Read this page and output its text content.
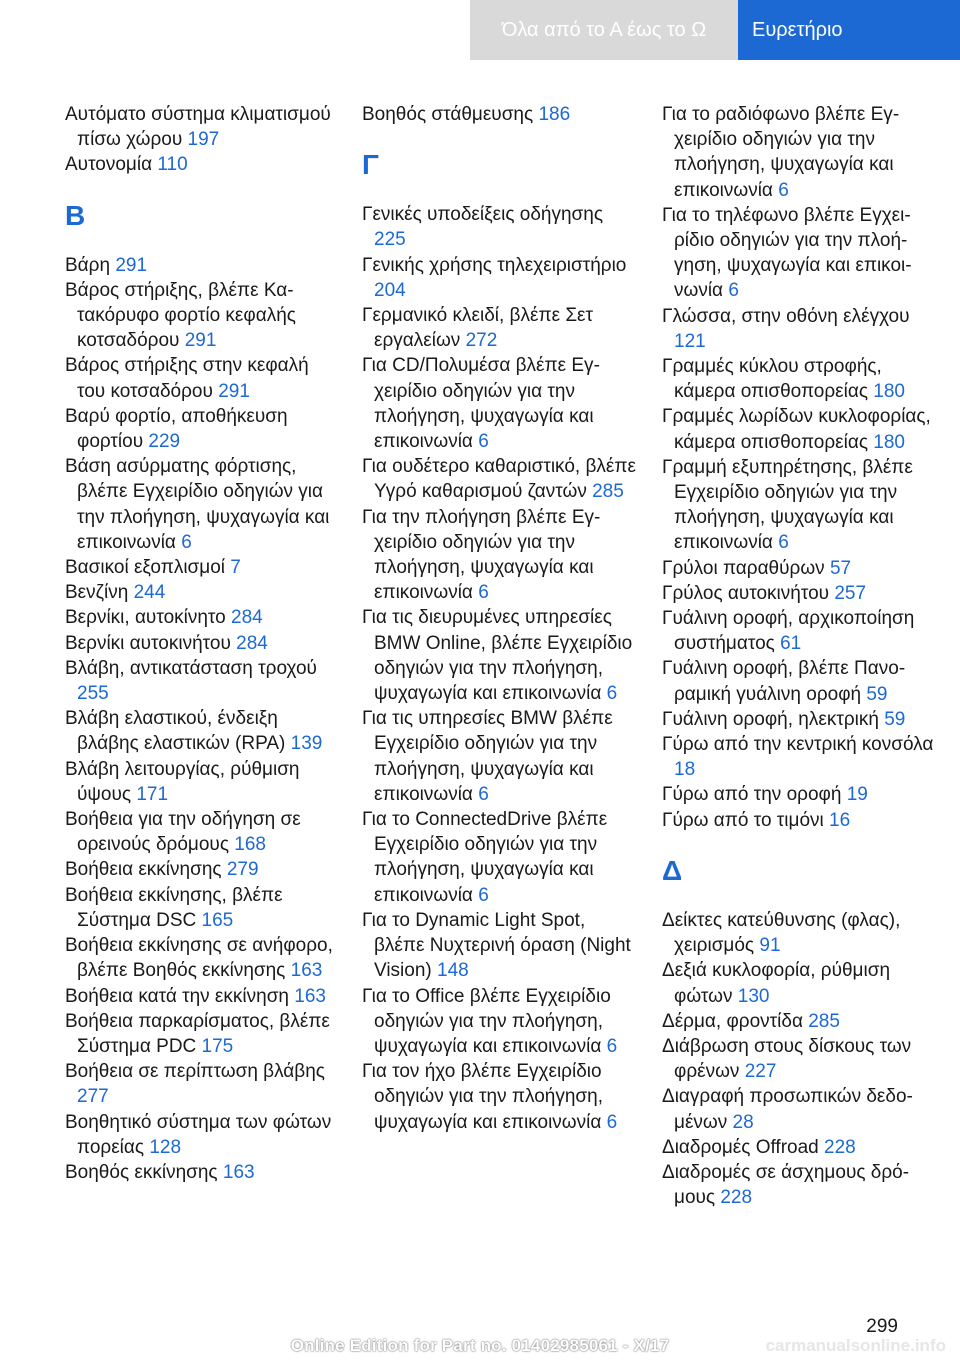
Όλα από το Α έως το Ω	Ευρετήριο

Αυτόματο σύστημα κλιματισμού πίσω χώρου 197

Αυτονομία 110

Β

Βάρη 291

Βάρος στήριξης, βλέπε Κατακόρυφο φορτίο κεφαλής κοτσαδόρου 291

Βάρος στήριξης στην κεφαλή του κοτσαδόρου 291

Βαρύ φορτίο, αποθήκευση φορτίου 229

Βάση ασύρματης φόρτισης, βλέπε Εγχειρίδιο οδηγιών για την πλοήγηση, ψυχαγωγία και επικοινωνία 6

Βασικοί εξοπλισμοί 7

Βενζίνη 244

Βερνίκι, αυτοκίνητο 284

Βερνίκι αυτοκινήτου 284

Βλάβη, αντικατάσταση τροχού 255

Βλάβη ελαστικού, ένδειξη βλάβης ελαστικών (RPA) 139

Βλάβη λειτουργίας, ρύθμιση ύψους 171

Βοήθεια για την οδήγηση σε ορεινούς δρόμους 168

Βοήθεια εκκίνησης 279

Βοήθεια εκκίνησης, βλέπε Σύστημα DSC 165

Βοήθεια εκκίνησης σε ανήφορο, βλέπε Βοηθός εκκίνησης 163

Βοήθεια κατά την εκκίνηση 163

Βοήθεια παρκαρίσματος, βλέπε Σύστημα PDC 175

Βοήθεια σε περίπτωση βλάβης 277

Βοηθητικό σύστημα των φώτων πορείας 128

Βοηθός εκκίνησης 163

Βοηθός στάθμευσης 186

Γ

Γενικές υποδείξεις οδήγησης 225

Γενικής χρήσης τηλεχειριστήριο 204

Γερμανικό κλειδί, βλέπε Σετ εργαλείων 272

Για CD/Πολυμέσα βλέπε Εγχειρίδιο οδηγιών για την πλοήγηση, ψυχαγωγία και επικοινωνία 6

Για ουδέτερο καθαριστικό, βλέπε Υγρό καθαρισμού ζαντών 285

Για την πλοήγηση βλέπε Εγχειρίδιο οδηγιών για την πλοήγηση, ψυχαγωγία και επικοινωνία 6

Για τις διευρυμένες υπηρεσίες BMW Online, βλέπε Εγχειρίδιο οδηγιών για την πλοήγηση, ψυχαγωγία και επικοινωνία 6

Για τις υπηρεσίες BMW βλέπε Εγχειρίδιο οδηγιών για την πλοήγηση, ψυχαγωγία και επικοινωνία 6

Για το ConnectedDrive βλέπε Εγχειρίδιο οδηγιών για την πλοήγηση, ψυχαγωγία και επικοινωνία 6

Για το Dynamic Light Spot, βλέπε Νυχτερινή όραση (Night Vision) 148

Για το Office βλέπε Εγχειρίδιο οδηγιών για την πλοήγηση, ψυχαγωγία και επικοινωνία 6

Για τον ήχο βλέπε Εγχειρίδιο οδηγιών για την πλοήγηση, ψυχαγωγία και επικοινωνία 6

Για το ραδιόφωνο βλέπε Εγχειρίδιο οδηγιών για την πλοήγηση, ψυχαγωγία και επικοινωνία 6

Για το τηλέφωνο βλέπε Εγχειρίδιο οδηγιών για την πλοήγηση, ψυχαγωγία και επικοινωνία 6

Γλώσσα, στην οθόνη ελέγχου 121

Γραμμές κύκλου στροφής, κάμερα οπισθοπορείας 180

Γραμμές λωρίδων κυκλοφορίας, κάμερα οπισθοπορείας 180

Γραμμή εξυπηρέτησης, βλέπε Εγχειρίδιο οδηγιών για την πλοήγηση, ψυχαγωγία και επικοινωνία 6

Γρύλοι παραθύρων 57

Γρύλος αυτοκινήτου 257

Γυάλινη οροφή, αρχικοποίηση συστήματος 61

Γυάλινη οροφή, βλέπε Πανοραμική γυάλινη οροφή 59

Γυάλινη οροφή, ηλεκτρική 59

Γύρω από την κεντρική κονσόλα 18

Γύρω από την οροφή 19

Γύρω από το τιμόνι 16

Δ

Δείκτες κατεύθυνσης (φλας), χειρισμός 91

Δεξιά κυκλοφορία, ρύθμιση φώτων 130

Δέρμα, φροντίδα 285

Διάβρωση στους δίσκους των φρένων 227

Διαγραφή προσωπικών δεδομένων 28

Διαδρομές Offroad 228

Διαδρομές σε άσχημους δρόμους 228

299
Online Edition for Part no. 01402985061 - X/17	carmanualsonline.info
